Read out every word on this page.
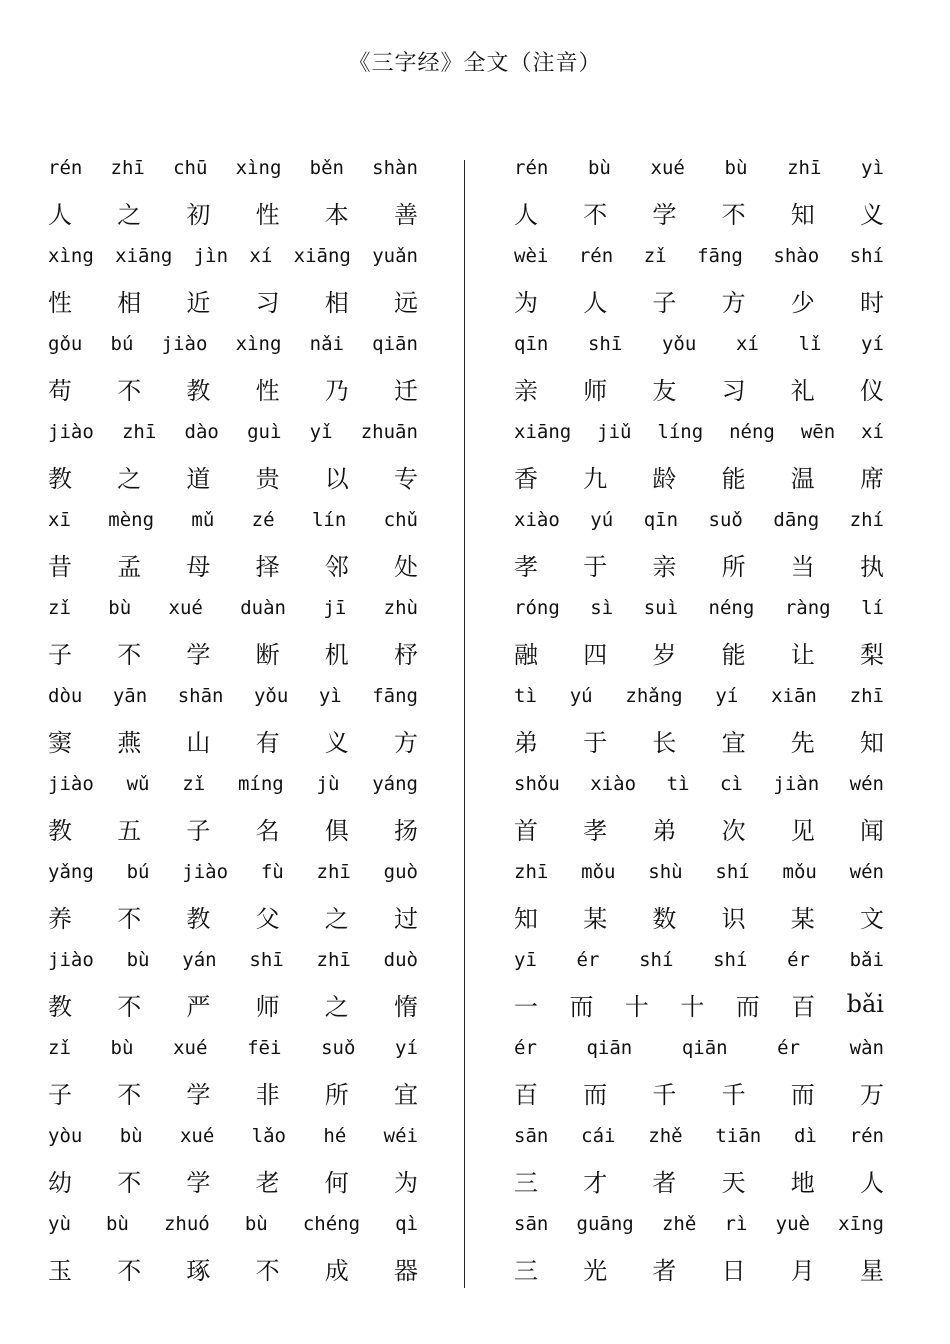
《三字经》全文（注音）
rén zhī chū xìng běn shàn
人 之 初 性 本 善
xìng xiāng jìn xí xiāng yuǎn
性 相 近 习 相 远
gǒu bú jiào xìng nǎi qiān
苟 不 教 性 乃 迁
jiào zhī dào guì yǐ zhuān
教 之 道 贵 以 专
xī mèng mǔ zé lín chǔ
昔 孟 母 择 邻 处
zǐ bù xué duàn jī zhù
子 不 学 断 机 杼
dòu yān shān yǒu yì fāng
窦 燕 山 有 义 方
jiào wǔ zǐ míng jù yáng
教 五 子 名 俱 扬
yǎng bú jiào fù zhī guò
养 不 教 父 之 过
jiào bù yán shī zhī duò
教 不 严 师 之 惰
zǐ bù xué fēi suǒ yí
子 不 学 非 所 宜
yòu bù xué lǎo hé wéi
幼 不 学 老 何 为
yù bù zhuó bù chéng qì
玉 不 琢 不 成 器
rén bù xué bù zhī yì
人 不 学 不 知 义
wèi rén zǐ fāng shào shí
为 人 子 方 少 时
qīn shī yǒu xí lǐ yí
亲 师 友 习 礼 仪
xiāng jiǔ líng néng wēn xí
香 九 龄 能 温 席
xiào yú qīn suǒ dāng zhí
孝 于 亲 所 当 执
róng sì suì néng ràng lí
融 四 岁 能 让 梨
tì yú zhǎng yí xiān zhī
弟 于 长 宜 先 知
shǒu xiào tì cì jiàn wén
首 孝 弟 次 见 闻
zhī mǒu shù shí mǒu wén
知 某 数 识 某 文
yī ér shí shí ér bǎi
一 而 十 十 而 百 bǎi
ér	qiān	qiān	ér	wàn
百 而 千 千 而 万
sān cái zhě tiān dì rén
三 才 者 天 地 人
sān guāng zhě rì yuè xīng
三 光 者 日 月 星
